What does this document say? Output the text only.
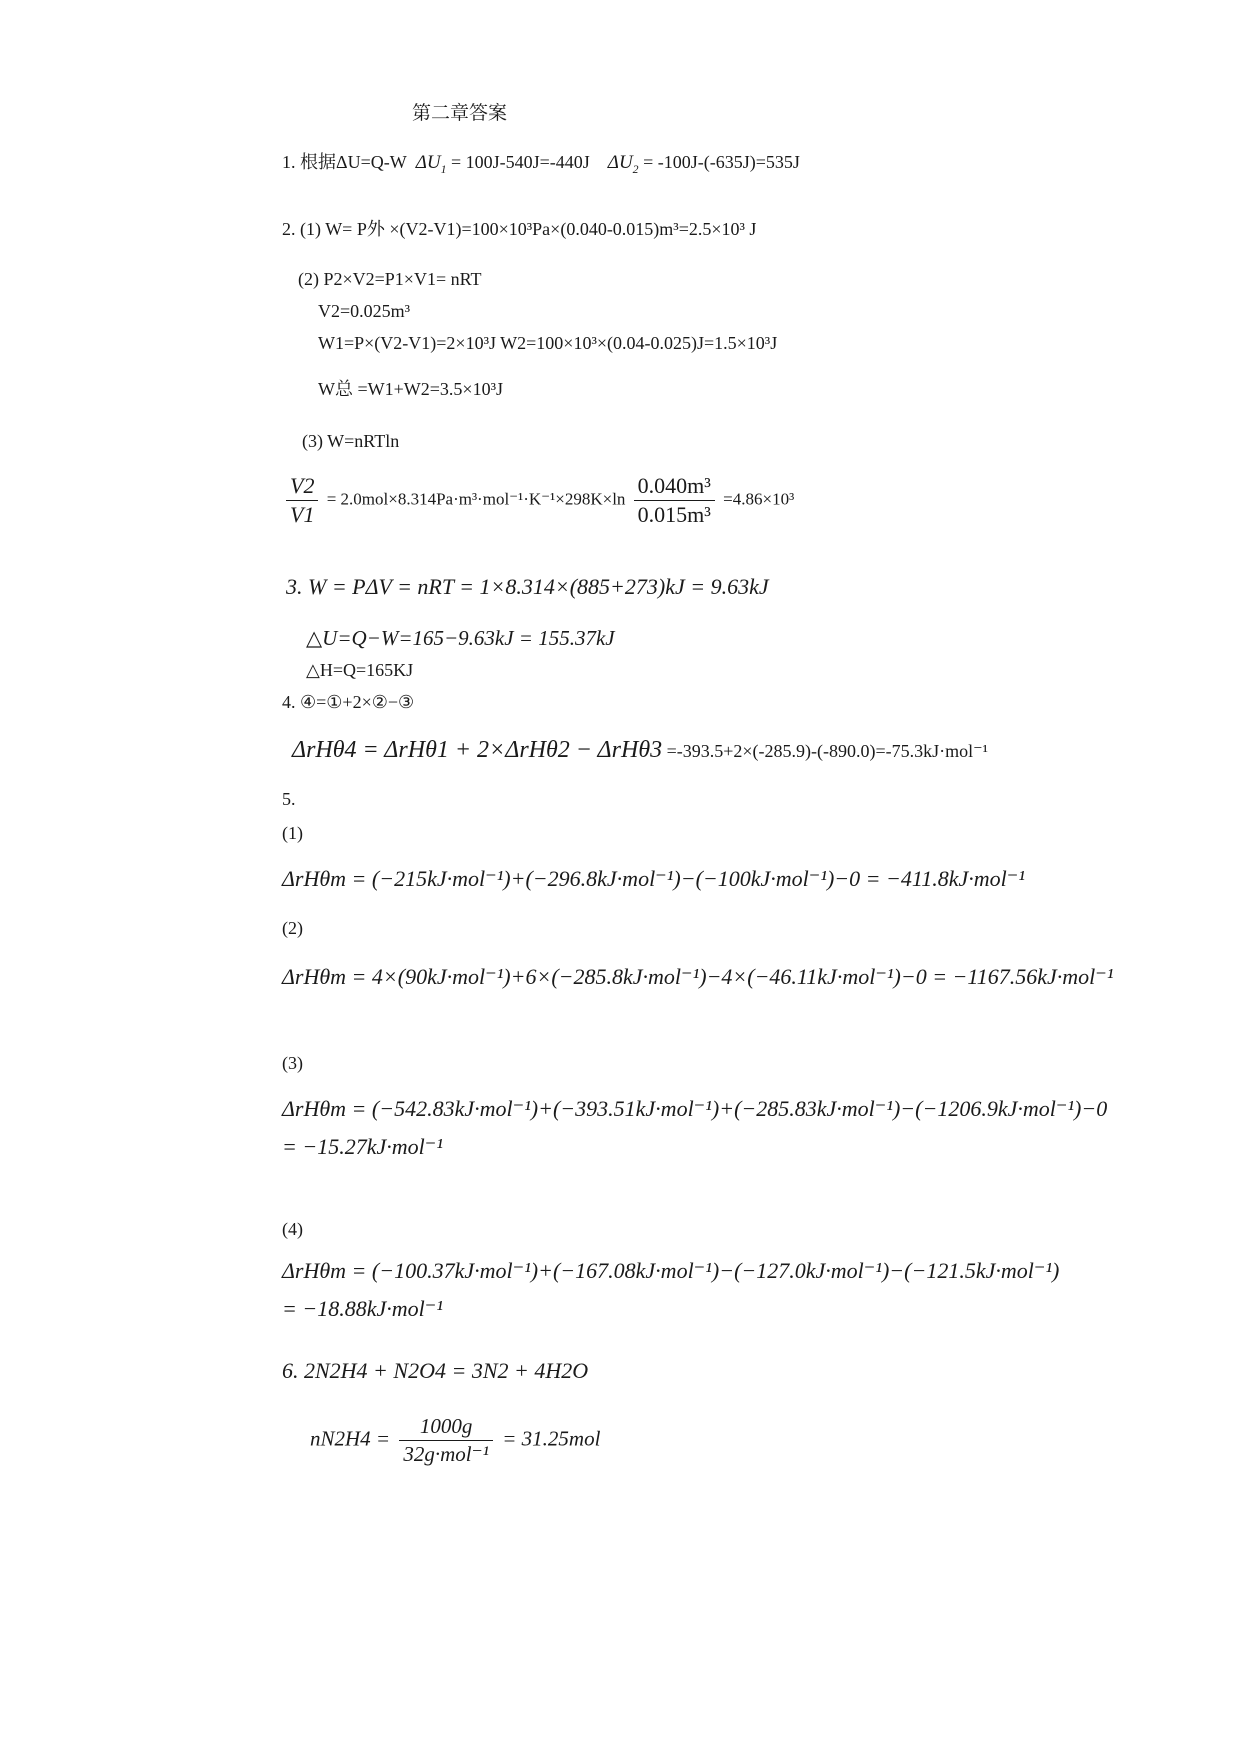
第二章答案
1. 根据ΔU=Q-W $\Delta U_1 = 100J-540J=-440J$ $\Delta U_2 = -100J-(-635J)=535J$
2. (1) W= P外 ×(V2-V1)=100×10³Pa×(0.040-0.015)m³=2.5×10³ J
(2) P2×V2=P1×V1= nRT
V2=0.025m³
W1=P×(V2-V1)=2×10³J W2=100×10³×(0.04-0.025)J=1.5×10³J
W总 =W1+W2=3.5×10³J
(3) W=nRTln
$\frac{V2}{V1} = 2.0mol\times 8.314Pa\cdot m^3\cdot mol^{-1}\cdot K^{-1}\times 298K\times\ln \frac{\text{0.040m³}}{\text{0.015m³}} =4.86\times 10^3$
3. W = PΔV = nRT = 1×8.314×(885+273)kJ = 9.63kJ
△U=Q−W=165−9.63kJ = 155.37kJ
△H=Q=165KJ
4. ④=①+2×②−③
ΔrHθ4 = ΔrHθ1 + 2×ΔrHθ2 − ΔrHθ3 =-393.5+2×(-285.9)-(-890.0)=-75.3kJ·mol⁻¹
5.
(1)
ΔrHθm = (−215kJ·mol⁻¹)+(−296.8kJ·mol⁻¹)−(−100kJ·mol⁻¹)−0 = −411.8kJ·mol⁻¹
(2)
ΔrHθm = 4×(90kJ·mol⁻¹)+6×(−285.8kJ·mol⁻¹)−4×(−46.11kJ·mol⁻¹)−0 = −1167.56kJ·mol⁻¹
(3)
ΔrHθm = (−542.83kJ·mol⁻¹)+(−393.51kJ·mol⁻¹)+(−285.83kJ·mol⁻¹)−(−1206.9kJ·mol⁻¹)−0
= −15.27kJ·mol⁻¹
(4)
ΔrHθm = (−100.37kJ·mol⁻¹)+(−167.08kJ·mol⁻¹)−(−127.0kJ·mol⁻¹)−(−121.5kJ·mol⁻¹)
= −18.88kJ·mol⁻¹
6. 2N2H4 + N2O4 = 3N2 + 4H2O
$nN2H4 = \frac{1000g}{\text{32g·mol⁻¹}} = 31.25mol$
